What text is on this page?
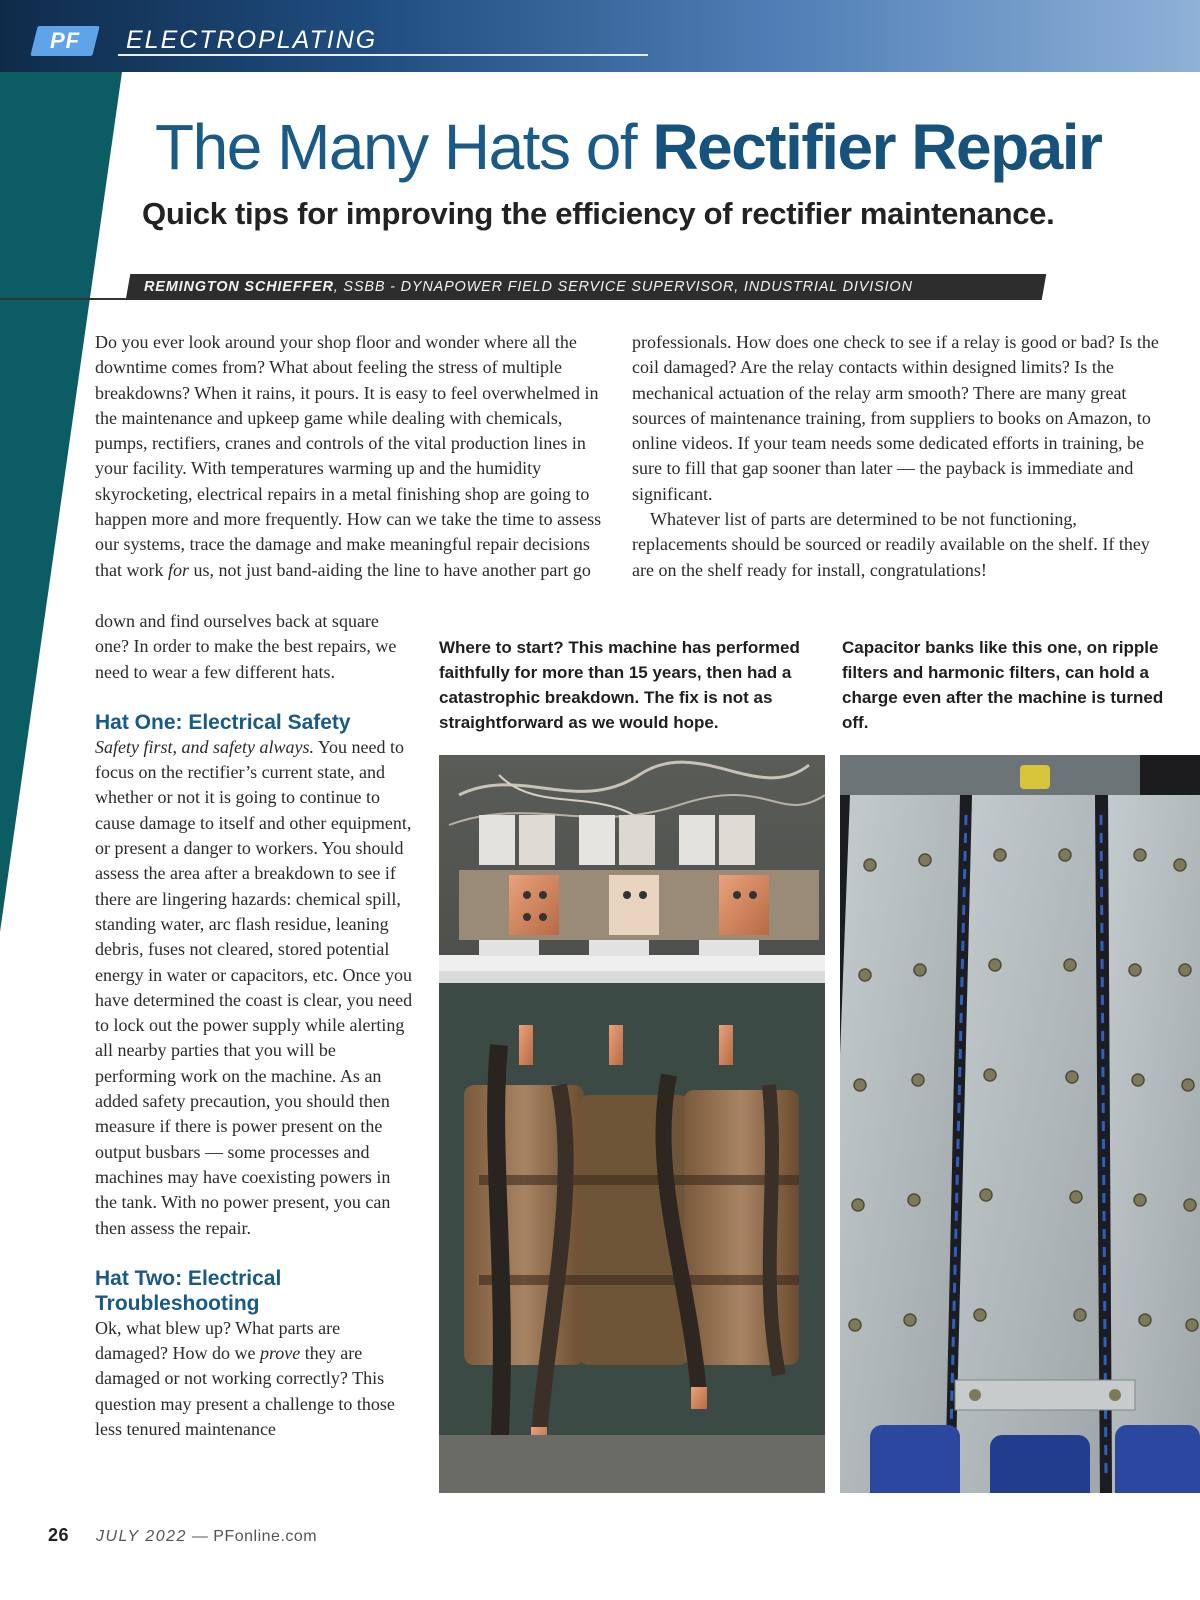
PF	ELECTROPLATING
The Many Hats of Rectifier Repair
Quick tips for improving the efficiency of rectifier maintenance.
REMINGTON SCHIEFFER, SSBB - DYNAPOWER FIELD SERVICE SUPERVISOR, INDUSTRIAL DIVISION
Do you ever look around your shop floor and wonder where all the downtime comes from? What about feeling the stress of multiple breakdowns? When it rains, it pours. It is easy to feel overwhelmed in the maintenance and upkeep game while dealing with chemicals, pumps, rectifiers, cranes and controls of the vital production lines in your facility. With temperatures warming up and the humidity skyrocketing, electrical repairs in a metal finishing shop are going to happen more and more frequently. How can we take the time to assess our systems, trace the damage and make meaningful repair decisions that work for us, not just band-aiding the line to have another part go

down and find ourselves back at square one? In order to make the best repairs, we need to wear a few different hats.

Hat One: Electrical Safety

Safety first, and safety always. You need to focus on the rectifier’s current state, and whether or not it is going to continue to cause damage to itself and other equipment, or present a danger to workers. You should assess the area after a breakdown to see if there are lingering hazards: chemical spill, standing water, arc flash residue, leaning debris, fuses not cleared, stored potential energy in water or capacitors, etc. Once you have determined the coast is clear, you need to lock out the power supply while alerting all nearby parties that you will be performing work on the machine. As an added safety precaution, you should then measure if there is power present on the output busbars — some processes and machines may have coexisting powers in the tank. With no power present, you can then assess the repair.

Hat Two: Electrical Troubleshooting

Ok, what blew up? What parts are damaged? How do we prove they are damaged or not working correctly? This question may present a challenge to those less tenured maintenance

professionals. How does one check to see if a relay is good or bad? Is the coil damaged? Are the relay contacts within designed limits? Is the mechanical actuation of the relay arm smooth? There are many great sources of maintenance training, from suppliers to books on Amazon, to online videos. If your team needs some dedicated efforts in training, be sure to fill that gap sooner than later — the payback is immediate and significant.

Whatever list of parts are determined to be not functioning, replacements should be sourced or readily available on the shelf. If they are on the shelf ready for install, congratulations!

Where to start? This machine has performed faithfully for more than 15 years, then had a catastrophic breakdown. The fix is not as straightforward as we would hope.
Capacitor banks like this one, on ripple filters and harmonic filters, can hold a charge even after the machine is turned off.
26 JULY 2022 — PFonline.com
